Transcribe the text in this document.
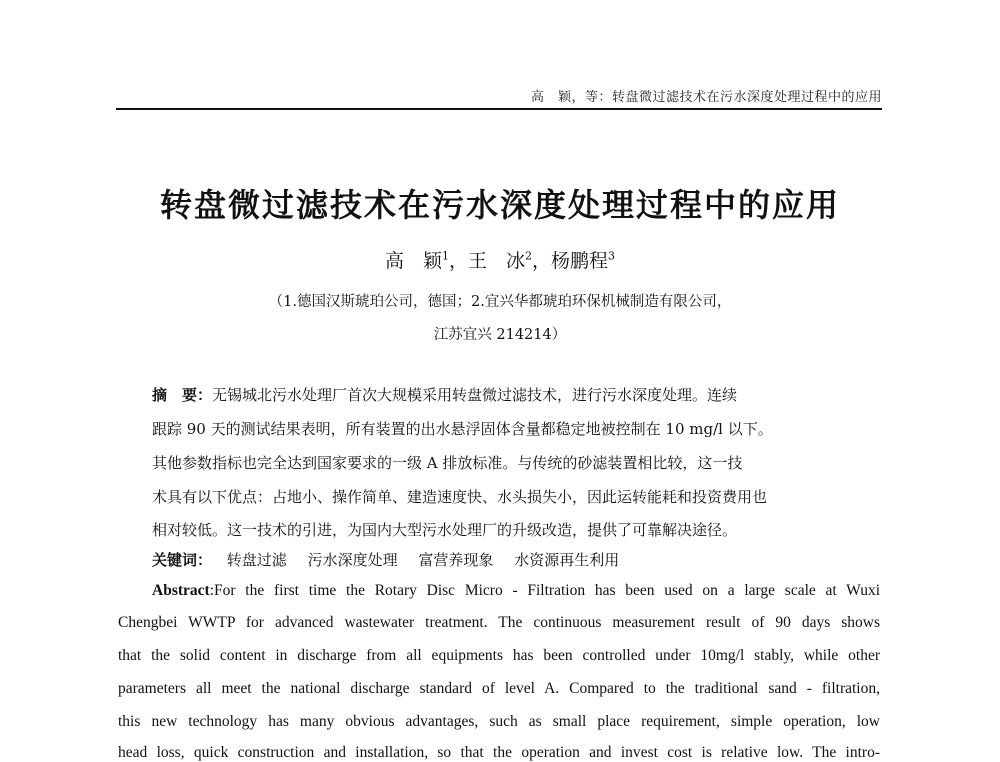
高　颖，等：转盘微过滤技术在污水深度处理过程中的应用
转盘微过滤技术在污水深度处理过程中的应用
高　颖$^1$，王　冰$^2$，杨鹏程$^3$
（1.德国汉斯琥珀公司，德国；2.宜兴华都琥珀环保机械制造有限公司，
江苏宜兴 214214）
摘　要：无锡城北污水处理厂首次大规模采用转盘微过滤技术，进行污水深度处理。连续
跟踪 90 天的测试结果表明，所有装置的出水悬浮固体含量都稳定地被控制在 10 mg/l 以下。
其他参数指标也完全达到国家要求的一级 A 排放标准。与传统的砂滤装置相比较，这一技
术具有以下优点：占地小、操作简单、建造速度快、水头损失小，因此运转能耗和投资费用也
相对较低。这一技术的引进，为国内大型污水处理厂的升级改造，提供了可靠解决途径。
关键词： 转盘过滤 污水深度处理 富营养现象 水资源再生利用
Abstract:For the first time the Rotary Disc Micro - Filtration has been used on a large scale at Wuxi
Chengbei WWTP for advanced wastewater treatment. The continuous measurement result of 90 days shows
that the solid content in discharge from all equipments has been controlled under 10mg/l stably, while other
parameters all meet the national discharge standard of level A. Compared to the traditional sand - filtration,
this new technology has many obvious advantages, such as small place requirement, simple operation, low
head loss, quick construction and installation, so that the operation and invest cost is relative low. The intro-
